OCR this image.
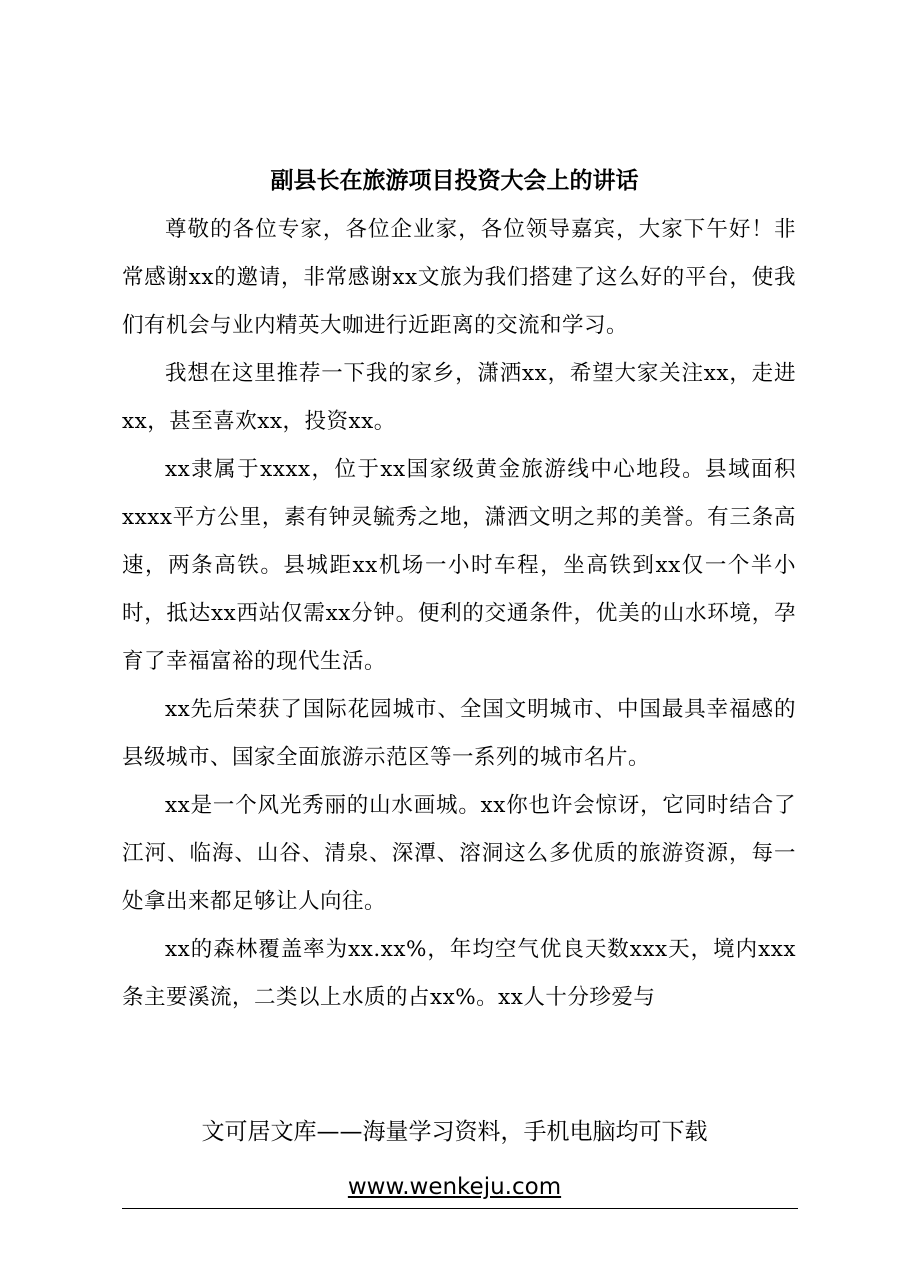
副县长在旅游项目投资大会上的讲话

尊敬的各位专家，各位企业家，各位领导嘉宾，大家下午好！非常感谢xx的邀请，非常感谢xx文旅为我们搭建了这么好的平台，使我们有机会与业内精英大咖进行近距离的交流和学习。

我想在这里推荐一下我的家乡，潇洒xx，希望大家关注xx，走进xx，甚至喜欢xx，投资xx。

xx隶属于xxxx，位于xx国家级黄金旅游线中心地段。县域面积xxxx平方公里，素有钟灵毓秀之地，潇洒文明之邦的美誉。有三条高速，两条高铁。县城距xx机场一小时车程，坐高铁到xx仅一个半小时，抵达xx西站仅需xx分钟。便利的交通条件，优美的山水环境，孕育了幸福富裕的现代生活。

xx先后荣获了国际花园城市、全国文明城市、中国最具幸福感的县级城市、国家全面旅游示范区等一系列的城市名片。

xx是一个风光秀丽的山水画城。xx你也许会惊讶，它同时结合了江河、临海、山谷、清泉、深潭、溶洞这么多优质的旅游资源，每一处拿出来都足够让人向往。

xx的森林覆盖率为xx.xx%，年均空气优良天数xxx天，境内xxx条主要溪流，二类以上水质的占xx%。xx人十分珍爱与

文可居文库——海量学习资料，手机电脑均可下载
www.wenkeju.com
